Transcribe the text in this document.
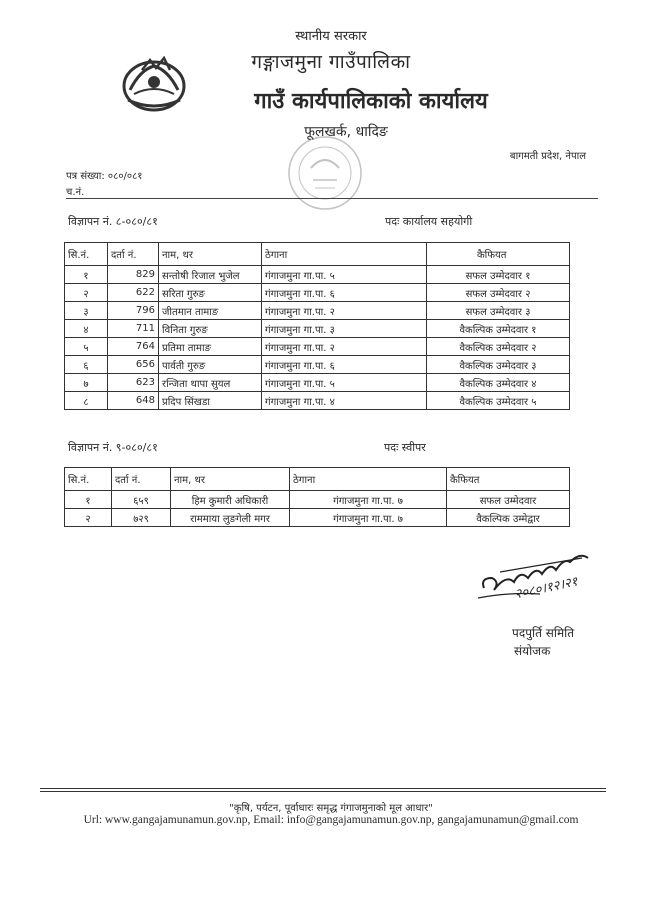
स्थानीय सरकार
गङ्गाजमुना गाउँपालिका
गाउँ कार्यपालिकाको कार्यालय
फूलखर्क, धादिङ
बागमती प्रदेश, नेपाल
पत्र संख्या: ०८०/०८१
च.नं.
विज्ञापन नं. ८-०८०/८१	पदः कार्यालय सहयोगी
सि.नं.	दर्ता नं.	नाम, थर	ठेगाना	कैफियत
१	829	सन्तोषी रिजाल भुजेल	गंगाजमुना गा.पा. ५	सफल उम्मेदवार १
२	622	सरिता गुरुङ	गंगाजमुना गा.पा. ६	सफल उम्मेदवार २
३	796	जीतमान तामाङ	गंगाजमुना गा.पा. २	सफल उम्मेदवार ३
४	711	विनिता गुरुङ	गंगाजमुना गा.पा. ३	वैकल्पिक उम्मेदवार १
५	764	प्रतिमा तामाङ	गंगाजमुना गा.पा. २	वैकल्पिक उम्मेदवार २
६	656	पार्वती गुरुङ	गंगाजमुना गा.पा. ६	वैकल्पिक उम्मेदवार ३
७	623	रन्जिता थापा सुयल	गंगाजमुना गा.पा. ५	वैकल्पिक उम्मेदवार ४
८	648	प्रदिप सिंखडा	गंगाजमुना गा.पा. ४	वैकल्पिक उम्मेदवार ५
विज्ञापन नं. ९-०८०/८१	पदः स्वीपर
सि.नं.	दर्ता नं.	नाम, थर	ठेगाना	कैफियत
१	६५९	हिम कुमारी अधिकारी	गंगाजमुना गा.पा. ७	सफल उम्मेदवार
२	७२९	राममाया लुङगेली मगर	गंगाजमुना गा.पा. ७	वैकल्पिक उम्मेद्वार
२०८०।१२।२१
पदपुर्ति समिति
संयोजक
"कृषि, पर्यटन, पूर्वाधारः समृद्ध गंगाजमुनाको मूल आधार"
Url: www.gangajamunamun.gov.np, Email: info@gangajamunamun.gov.np, gangajamunamun@gmail.com
